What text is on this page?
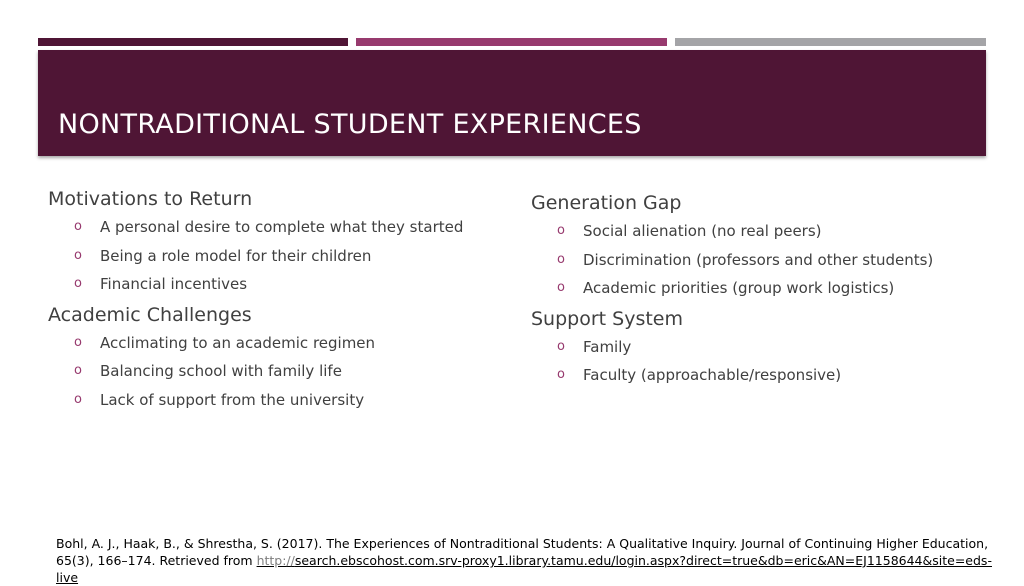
NONTRADITIONAL STUDENT EXPERIENCES

Motivations to Return

o A personal desire to complete what they started
o Being a role model for their children
o Financial incentives

Academic Challenges

o Acclimating to an academic regimen
o Balancing school with family life
o Lack of support from the university

Generation Gap

o Social alienation (no real peers)
o Discrimination (professors and other students)
o Academic priorities (group work logistics)

Support System

o Family
o Faculty (approachable/responsive)
Bohl, A. J., Haak, B., & Shrestha, S. (2017). The Experiences of Nontraditional Students: A Qualitative Inquiry. Journal of Continuing Higher Education, 65(3), 166–174. Retrieved from http://search.ebscohost.com.srv-proxy1.library.tamu.edu/login.aspx?direct=true&db=eric&AN=EJ1158644&site=eds-live
